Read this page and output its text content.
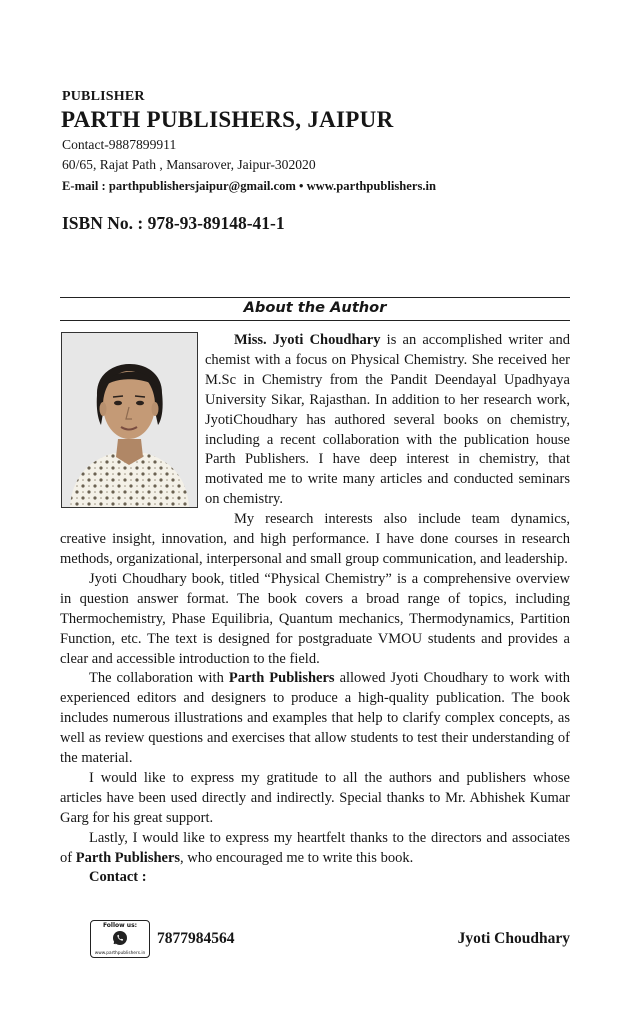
PUBLISHER
PARTH PUBLISHERS, JAIPUR
Contact-9887899911
60/65, Rajat Path , Mansarover, Jaipur-302020
E-mail : parthpublishersjaipur@gmail.com • www.parthpublishers.in
ISBN No. : 978-93-89148-41-1
About the Author

Miss. Jyoti Choudhary is an accomplished writer and chemist with a focus on Physical Chemistry. She received her M.Sc in Chemistry from the Pandit Deendayal Upadhyaya University Sikar, Rajasthan. In addition to her research work, JyotiChoudhary has authored several books on chemistry, including a recent collaboration with the publication house Parth Publishers. I have deep interest in chemistry, that motivated me to write many articles and conducted seminars on chemistry.

My research interests also include team dynamics, creative insight, innovation, and high performance. I have done courses in research methods, organizational, interpersonal and small group communication, and leadership.

Jyoti Choudhary book, titled “Physical Chemistry” is a comprehensive overview in question answer format. The book covers a broad range of topics, including Thermochemistry, Phase Equilibria, Quantum mechanics, Thermodynamics, Partition Function, etc. The text is designed for postgraduate VMOU students and provides a clear and accessible introduction to the field.

The collaboration with Parth Publishers allowed Jyoti Choudhary to work with experienced editors and designers to produce a high-quality publication. The book includes numerous illustrations and examples that help to clarify complex concepts, as well as review questions and exercises that allow students to test their understanding of the material.

I would like to express my gratitude to all the authors and publishers whose articles have been used directly and indirectly. Special thanks to Mr. Abhishek Kumar Garg for his great support.

Lastly, I would like to express my heartfelt thanks to the directors and associates of Parth Publishers, who encouraged me to write this book.

Contact :
Follow us:
www.parthpublishers.in
7877984564	Jyoti Choudhary
